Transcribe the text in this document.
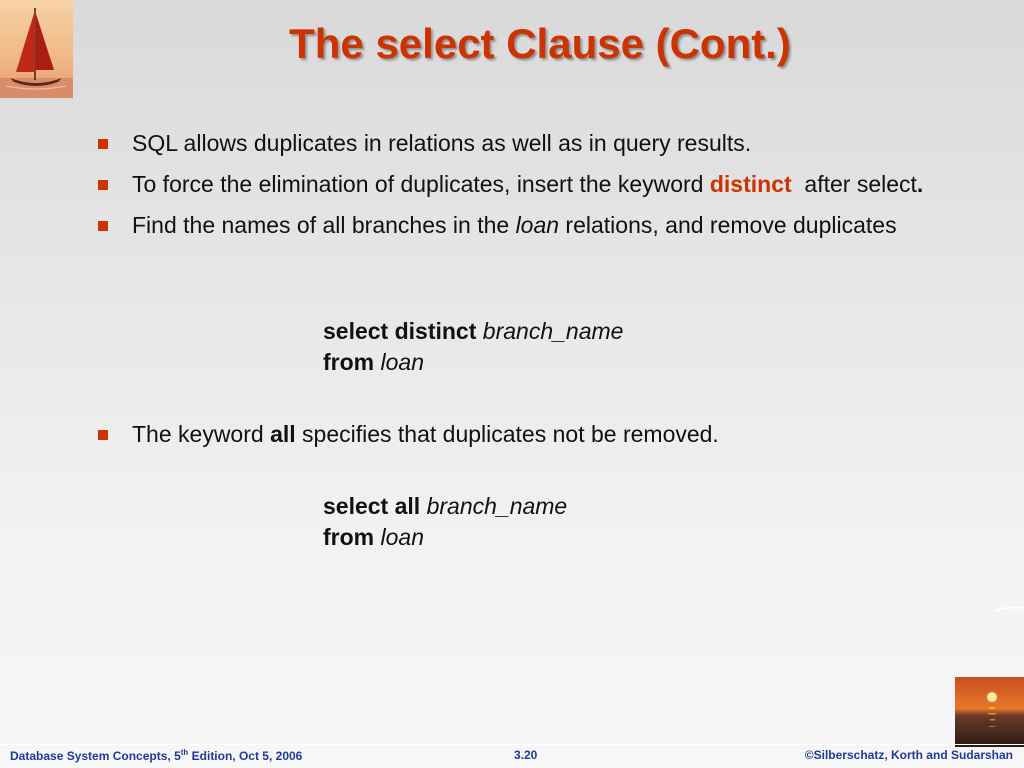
The select Clause (Cont.)
SQL allows duplicates in relations as well as in query results.
To force the elimination of duplicates, insert the keyword distinct  after select.
Find the names of all branches in the loan relations, and remove duplicates
select distinct branch_name
from loan
The keyword all specifies that duplicates not be removed.
select all branch_name
from loan
Database System Concepts, 5th Edition, Oct 5, 2006	3.20	©Silberschatz, Korth and Sudarshan
